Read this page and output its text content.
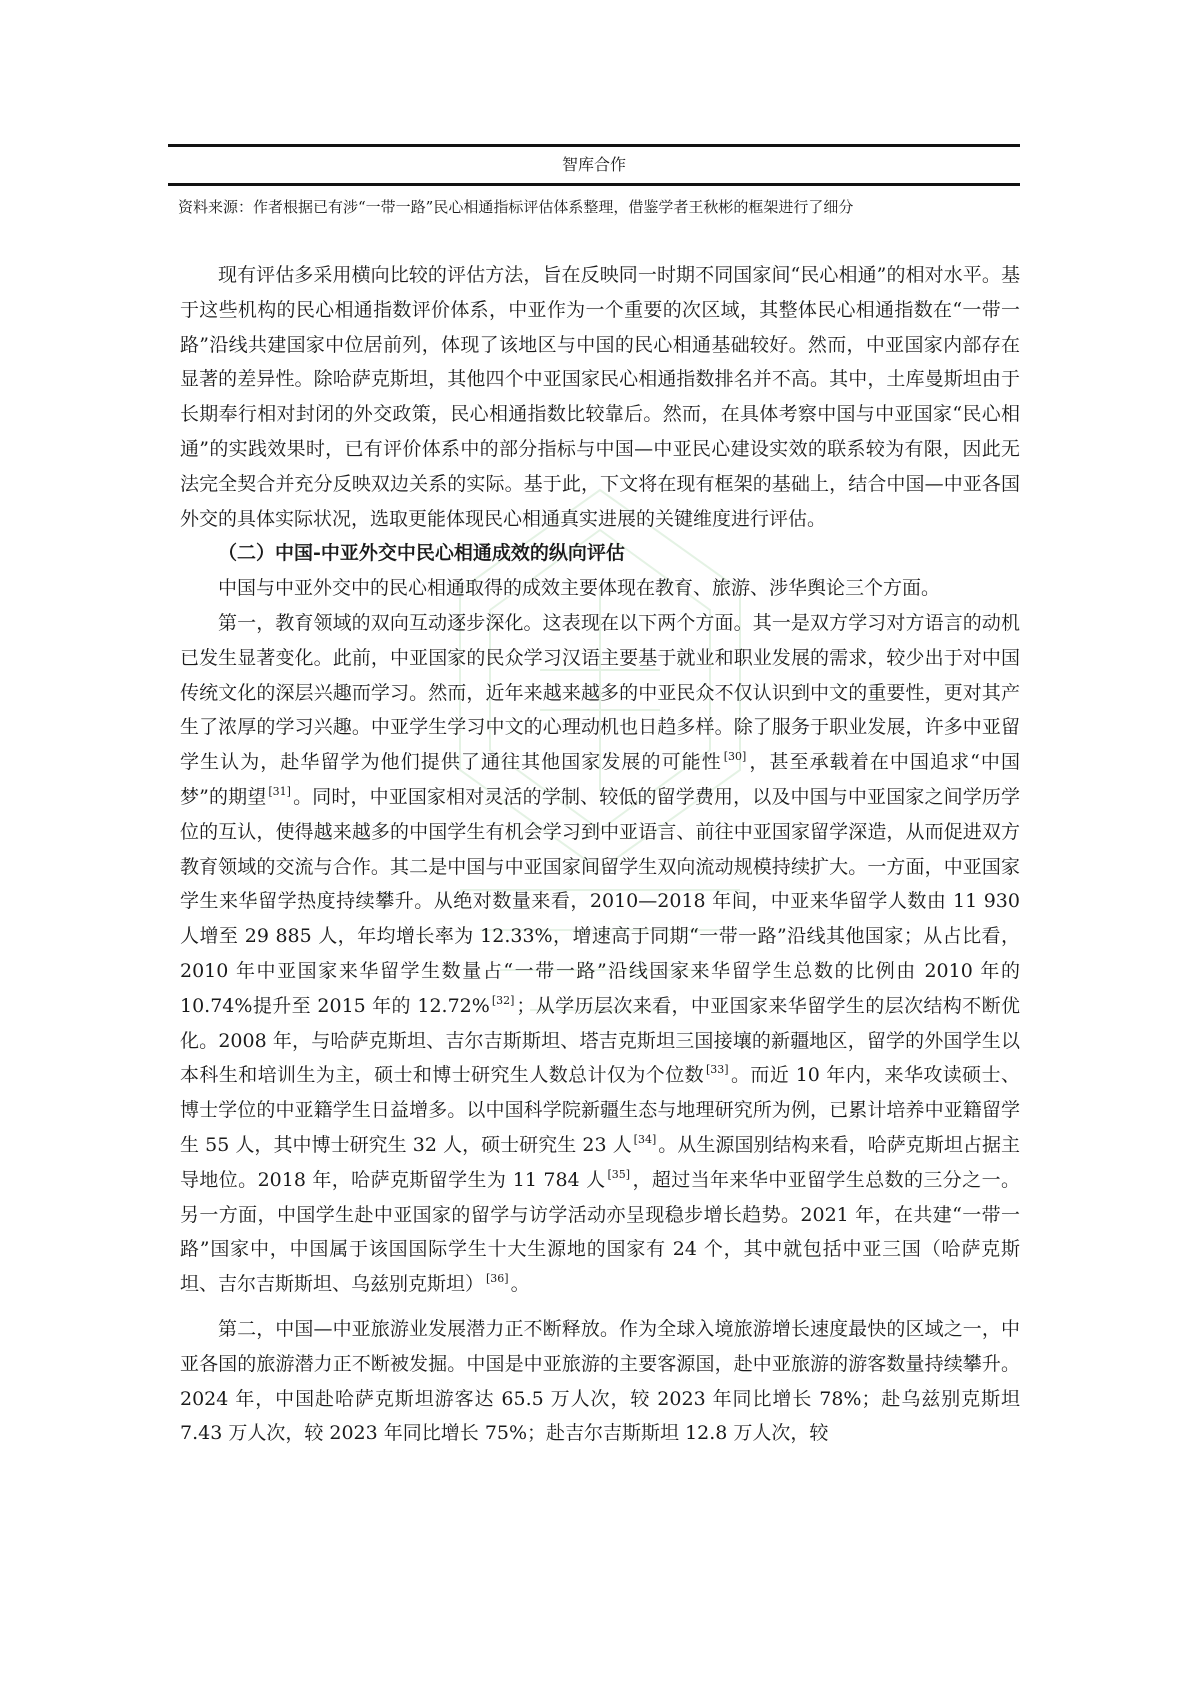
智库合作
资料来源：作者根据已有涉“一带一路”民心相通指标评估体系整理，借鉴学者王秋彬的框架进行了细分

现有评估多采用横向比较的评估方法，旨在反映同一时期不同国家间“民心相通”的相对水平。基于这些机构的民心相通指数评价体系，中亚作为一个重要的次区域，其整体民心相通指数在“一带一路”沿线共建国家中位居前列，体现了该地区与中国的民心相通基础较好。然而，中亚国家内部存在显著的差异性。除哈萨克斯坦，其他四个中亚国家民心相通指数排名并不高。其中，土库曼斯坦由于长期奉行相对封闭的外交政策，民心相通指数比较靠后。然而，在具体考察中国与中亚国家“民心相通”的实践效果时，已有评价体系中的部分指标与中国—中亚民心建设实效的联系较为有限，因此无法完全契合并充分反映双边关系的实际。基于此，下文将在现有框架的基础上，结合中国—中亚各国外交的具体实际状况，选取更能体现民心相通真实进展的关键维度进行评估。

（二）中国-中亚外交中民心相通成效的纵向评估

中国与中亚外交中的民心相通取得的成效主要体现在教育、旅游、涉华舆论三个方面。

第一，教育领域的双向互动逐步深化。这表现在以下两个方面。其一是双方学习对方语言的动机已发生显著变化。此前，中亚国家的民众学习汉语主要基于就业和职业发展的需求，较少出于对中国传统文化的深层兴趣而学习。然而，近年来越来越多的中亚民众不仅认识到中文的重要性，更对其产生了浓厚的学习兴趣。中亚学生学习中文的心理动机也日趋多样。除了服务于职业发展，许多中亚留学生认为，赴华留学为他们提供了通往其他国家发展的可能性 [30] ，甚至承载着在中国追求“中国梦”的期望 [31] 。同时，中亚国家相对灵活的学制、较低的留学费用，以及中国与中亚国家之间学历学位的互认，使得越来越多的中国学生有机会学习到中亚语言、前往中亚国家留学深造，从而促进双方教育领域的交流与合作。其二是中国与中亚国家间留学生双向流动规模持续扩大。一方面，中亚国家学生来华留学热度持续攀升。从绝对数量来看，2010—2018 年间，中亚来华留学人数由 11 930 人增至 29 885 人，年均增长率为 12.33%，增速高于同期“一带一路”沿线其他国家；从占比看，2010 年中亚国家来华留学生数量占“一带一路”沿线国家来华留学生总数的比例由 2010 年的 10.74%提升至 2015 年的 12.72% [32] ；从学历层次来看，中亚国家来华留学生的层次结构不断优化。2008 年，与哈萨克斯坦、吉尔吉斯斯坦、塔吉克斯坦三国接壤的新疆地区，留学的外国学生以本科生和培训生为主，硕士和博士研究生人数总计仅为个位数 [33] 。而近 10 年内，来华攻读硕士、博士学位的中亚籍学生日益增多。以中国科学院新疆生态与地理研究所为例，已累计培养中亚籍留学生 55 人，其中博士研究生 32 人，硕士研究生 23 人 [34] 。从生源国别结构来看，哈萨克斯坦占据主导地位。2018 年，哈萨克斯留学生为 11 784 人 [35] ，超过当年来华中亚留学生总数的三分之一。另一方面，中国学生赴中亚国家的留学与访学活动亦呈现稳步增长趋势。2021 年，在共建“一带一路”国家中，中国属于该国国际学生十大生源地的国家有 24 个，其中就包括中亚三国（哈萨克斯坦、吉尔吉斯斯坦、乌兹别克斯坦） [36] 。

第二，中国—中亚旅游业发展潜力正不断释放。作为全球入境旅游增长速度最快的区域之一，中亚各国的旅游潜力正不断被发掘。中国是中亚旅游的主要客源国，赴中亚旅游的游客数量持续攀升。2024 年，中国赴哈萨克斯坦游客达 65.5 万人次，较 2023 年同比增长 78%；赴乌兹别克斯坦 7.43 万人次，较 2023 年同比增长 75%；赴吉尔吉斯斯坦 12.8 万人次，较
